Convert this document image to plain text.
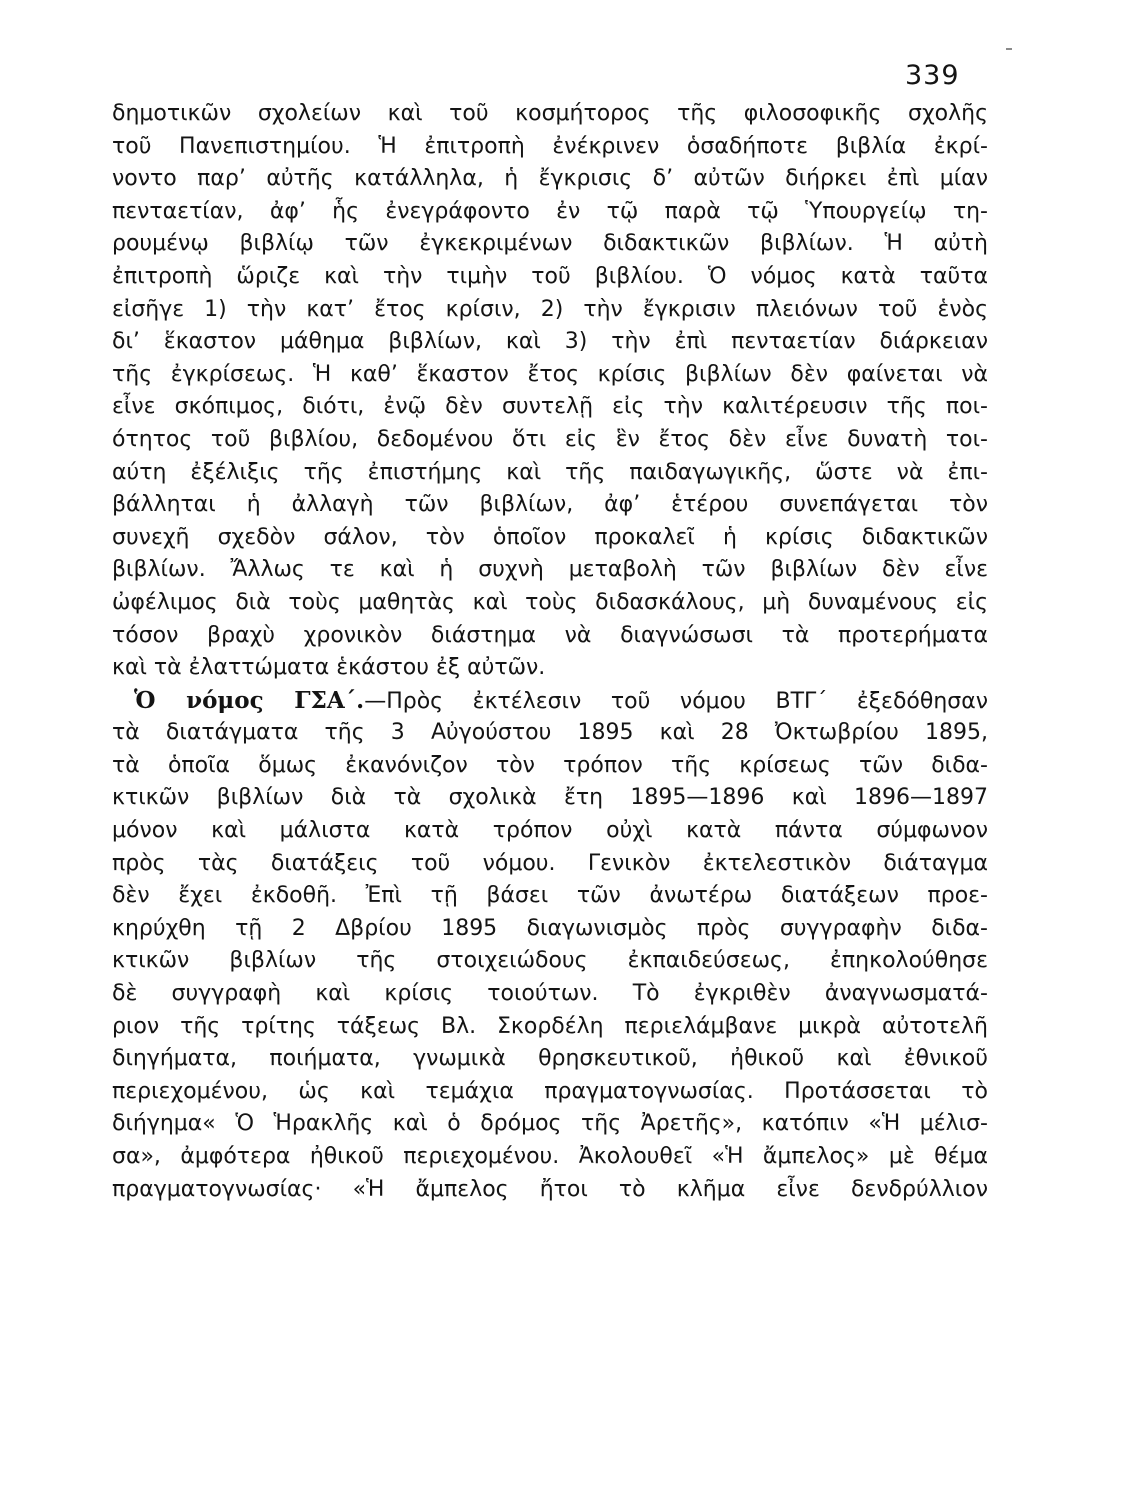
339
δημοτικῶν σχολείων καὶ τοῦ κοσμήτορος τῆς φιλοσοφικῆς σχολῆς
τοῦ Πανεπιστημίου. Ἡ ἐπιτροπὴ ἐνέκρινεν ὁσαδήποτε βιβλία ἐκρί-
νοντο παρ’ αὐτῆς κατάλληλα, ἡ ἔγκρισις δ’ αὐτῶν διήρκει ἐπὶ μίαν
πενταετίαν, ἀφ’ ἧς ἐνεγράφοντο ἐν τῷ παρὰ τῷ Ὑπουργείῳ τη-
ρουμένῳ βιβλίῳ τῶν ἐγκεκριμένων διδακτικῶν βιβλίων. Ἡ αὐτὴ
ἐπιτροπὴ ὥριζε καὶ τὴν τιμὴν τοῦ βιβλίου. Ὁ νόμος κατὰ ταῦτα
εἰσῆγε 1) τὴν κατ’ ἔτος κρίσιν, 2) τὴν ἔγκρισιν πλειόνων τοῦ ἑνὸς
δι’ ἕκαστον μάθημα βιβλίων, καὶ 3) τὴν ἐπὶ πενταετίαν διάρκειαν
τῆς ἐγκρίσεως. Ἡ καθ’ ἕκαστον ἔτος κρίσις βιβλίων δὲν φαίνεται νὰ
εἶνε σκόπιμος, διότι, ἐνῷ δὲν συντελῇ εἰς τὴν καλιτέρευσιν τῆς ποι-
ότητος τοῦ βιβλίου, δεδομένου ὅτι εἰς ἓν ἔτος δὲν εἶνε δυνατὴ τοι-
αύτη ἐξέλιξις τῆς ἐπιστήμης καὶ τῆς παιδαγωγικῆς, ὥστε νὰ ἐπι-
βάλληται ἡ ἀλλαγὴ τῶν βιβλίων, ἀφ’ ἑτέρου συνεπάγεται τὸν
συνεχῆ σχεδὸν σάλον, τὸν ὁποῖον προκαλεῖ ἡ κρίσις διδακτικῶν
βιβλίων. Ἄλλως τε καὶ ἡ συχνὴ μεταβολὴ τῶν βιβλίων δὲν εἶνε
ὠφέλιμος διὰ τοὺς μαθητὰς καὶ τοὺς διδασκάλους, μὴ δυναμένους εἰς
τόσον βραχὺ χρονικὸν διάστημα νὰ διαγνώσωσι τὰ προτερήματα
καὶ τὰ ἐλαττώματα ἑκάστου ἐξ αὐτῶν.
Ὁ νόμος ΓΣΑ΄.—Πρὸς ἐκτέλεσιν τοῦ νόμου ΒΤΓ΄ ἐξεδόθησαν
τὰ διατάγματα τῆς 3 Αὐγούστου 1895 καὶ 28 Ὀκτωβρίου 1895,
τὰ ὁποῖα ὅμως ἐκανόνιζον τὸν τρόπον τῆς κρίσεως τῶν διδα-
κτικῶν βιβλίων διὰ τὰ σχολικὰ ἔτη 1895—1896 καὶ 1896—1897
μόνον καὶ μάλιστα κατὰ τρόπον οὐχὶ κατὰ πάντα σύμφωνον
πρὸς τὰς διατάξεις τοῦ νόμου. Γενικὸν ἐκτελεστικὸν διάταγμα
δὲν ἔχει ἐκδοθῆ. Ἐπὶ τῇ βάσει τῶν ἀνωτέρω διατάξεων προε-
κηρύχθη τῇ 2 Δβρίου 1895 διαγωνισμὸς πρὸς συγγραφὴν διδα-
κτικῶν βιβλίων τῆς στοιχειώδους ἐκπαιδεύσεως, ἐπηκολούθησε
δὲ συγγραφὴ καὶ κρίσις τοιούτων. Τὸ ἐγκριθὲν ἀναγνωσματά-
ριον τῆς τρίτης τάξεως Βλ. Σκορδέλη περιελάμβανε μικρὰ αὐτοτελῆ
διηγήματα, ποιήματα, γνωμικὰ θρησκευτικοῦ, ἠθικοῦ καὶ ἐθνικοῦ
περιεχομένου, ὡς καὶ τεμάχια πραγματογνωσίας. Προτάσσεται τὸ
διήγημα« Ὁ Ἡρακλῆς καὶ ὁ δρόμος τῆς Ἀρετῆς», κατόπιν «Ἡ μέλισ-
σα», ἀμφότερα ἠθικοῦ περιεχομένου. Ἀκολουθεῖ «Ἡ ἄμπελος» μὲ θέμα
πραγματογνωσίας· «Ἡ ἄμπελος ἤτοι τὸ κλῆμα εἶνε δενδρύλλιον
